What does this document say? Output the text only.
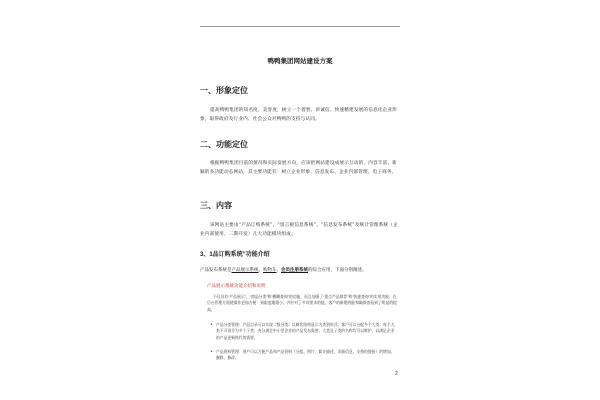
鸭鸭集团网站建设方案
一、形象定位
提高鸭鸭集团的知名度、美誉度，树立一个着智、讲诚信、快速精建发展的信息化企业形象，取得政府及行业内、社会公众对鸭鸭的支持与认同。
二、功能定位
根据鸭鸭集团目前的情况和实际发展方向，应该把网站建设成展示互动的、内容丰富、新颖的多功能动态网站。其主要功能有：树立企业形象、信息发布、企业内部管理、电子商务。
三、内容
该网站主要由“产品订购系统”、“留言板信息系统”、“信息发布系统”及统计管理系统（企业内部使用，二期开发）几大功能模块组成。
3、1品订购系统”功能介绍
产品发布系统是产品展示系统、购物车、会员注册系统的综合应用，下面分别阐述。
产品展示系统功能介绍和说明
不仅具有“产品展示”、“商品分类”和“模糊查询”的功能，而且加强了“重点产品推荐”和“快速查询”的实用功能；在后台管理方面使操作更加方便：到限度地缩小，并针对了多项要求的能，客户的新建的能和确保查看到了明显的提高。
• 产品分类管理：产品目录可以实现二级分类；以树状结构显示为类别形式；客户可以分配多个大类；每个大类下可再分为多个子类；充分满足中小型企业的产品发布需要；大类及子类的名称均可以维护，以满足企业的产品更新换代的需要。
• 产品资料管理：用户可以方便产品和产品资料（分组，图片，简介描述，详细信息，支持的链接）的增加，删除，修改。
2
